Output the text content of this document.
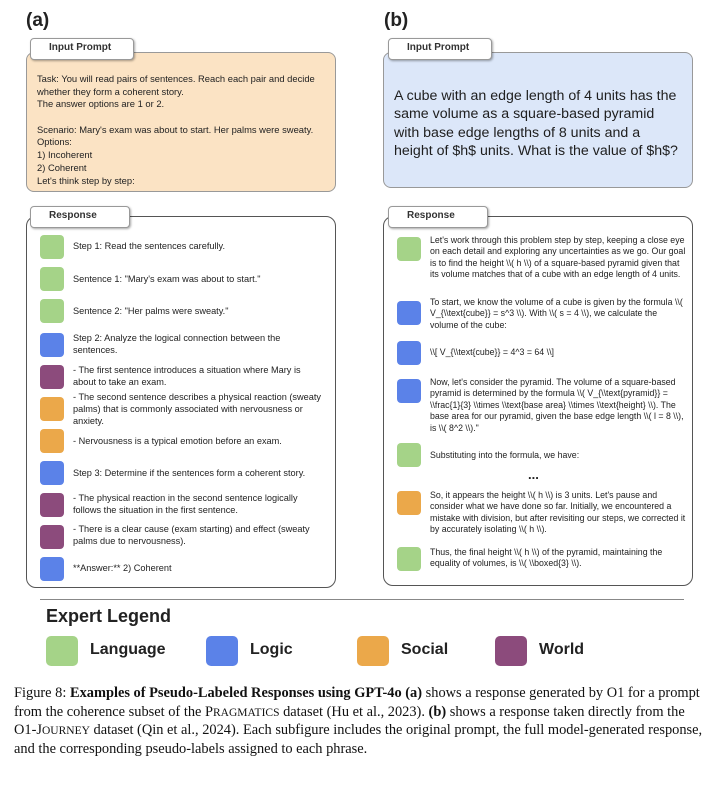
(a)	(b)
Input Prompt

Task: You will read pairs of sentences. Reach each pair and decide whether they form a coherent story.
The answer options are 1 or 2.

Scenario: Mary's exam was about to start. Her palms were sweaty.
Options:
1) Incoherent
2) Coherent
Let's think step by step:

Input Prompt

A cube with an edge length of 4 units has the same volume as a square-based pyramid with base edge lengths of 8 units and a height of $h$ units. What is the value of $h$?

Response
Step 1: Read the sentences carefully.
Sentence 1: "Mary's exam was about to start."
Sentence 2: "Her palms were sweaty."
Step 2: Analyze the logical connection between the sentences.
- The first sentence introduces a situation where Mary is about to take an exam.
- The second sentence describes a physical reaction (sweaty palms) that is commonly associated with nervousness or anxiety.
- Nervousness is a typical emotion before an exam.
Step 3: Determine if the sentences form a coherent story.
- The physical reaction in the second sentence logically follows the situation in the first sentence.
- There is a clear cause (exam starting) and effect (sweaty palms due to nervousness).
**Answer:** 2) Coherent
Response
Let's work through this problem step by step, keeping a close eye on each detail and exploring any uncertainties as we go. Our goal is to find the height \\( h \\) of a square-based pyramid given that its volume matches that of a cube with an edge length of 4 units.
To start, we know the volume of a cube is given by the formula \\( V_{\\text{cube}} = s^3 \\). With \\( s = 4 \\), we calculate the volume of the cube:
\\[ V_{\\text{cube}} = 4^3 = 64 \\]
Now, let's consider the pyramid. The volume of a square-based pyramid is determined by the formula \\( V_{\\text{pyramid}} = \\frac{1}{3} \\times \\text{base area} \\times \\text{height} \\). The base area for our pyramid, given the base edge length \\( l = 8 \\), is \\( 8^2 \\)."
Substituting into the formula, we have:
...
So, it appears the height \\( h \\) is 3 units. Let's pause and consider what we have done so far. Initially, we encountered a mistake with division, but after revisiting our steps, we corrected it by accurately isolating \\( h \\).
Thus, the final height \\( h \\) of the pyramid, maintaining the equality of volumes, is \\( \\boxed{3} \\).
Expert Legend
Language	Logic	Social	World
Figure 8: Examples of Pseudo-Labeled Responses using GPT-4o (a) shows a response generated by O1 for a prompt from the coherence subset of the PRAGMATICS dataset (Hu et al., 2023). (b) shows a response taken directly from the O1-JOURNEY dataset (Qin et al., 2024). Each subfigure includes the original prompt, the full model-generated response, and the corresponding pseudo-labels assigned to each phrase.
